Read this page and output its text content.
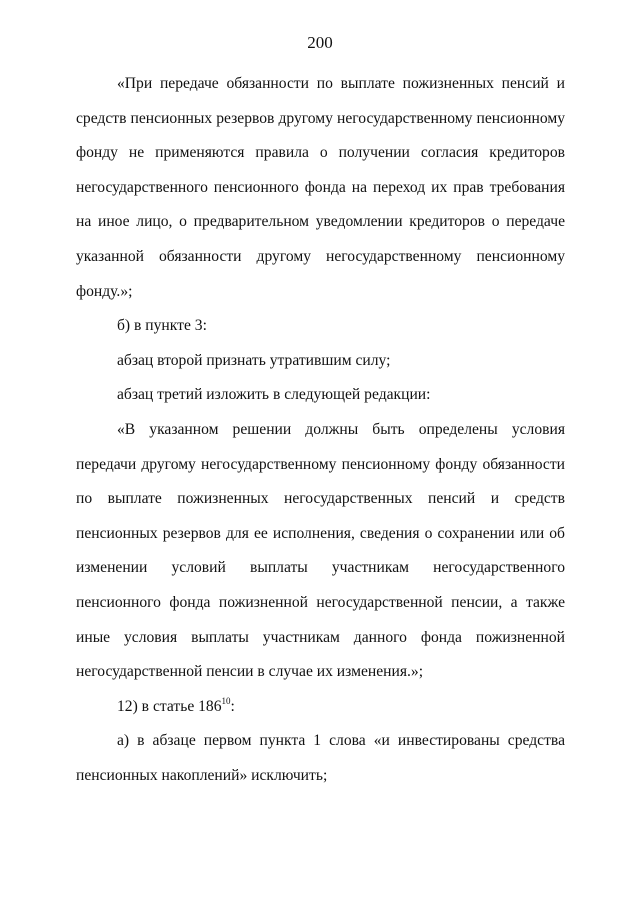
200

«При передаче обязанности по выплате пожизненных пенсий и средств пенсионных резервов другому негосударственному пенсионному фонду не применяются правила о получении согласия кредиторов негосударственного пенсионного фонда на переход их прав требования на иное лицо, о предварительном уведомлении кредиторов о передаче указанной обязанности другому негосударственному пенсионному фонду.»;

б) в пункте 3:

абзац второй признать утратившим силу;

абзац третий изложить в следующей редакции:

«В указанном решении должны быть определены условия передачи другому негосударственному пенсионному фонду обязанности по выплате пожизненных негосударственных пенсий и средств пенсионных резервов для ее исполнения, сведения о сохранении или об изменении условий выплаты участникам негосударственного пенсионного фонда пожизненной негосударственной пенсии, а также иные условия выплаты участникам данного фонда пожизненной негосударственной пенсии в случае их изменения.»;

12) в статье $186^{10}$:

а) в абзаце первом пункта 1 слова «и инвестированы средства пенсионных накоплений» исключить;
